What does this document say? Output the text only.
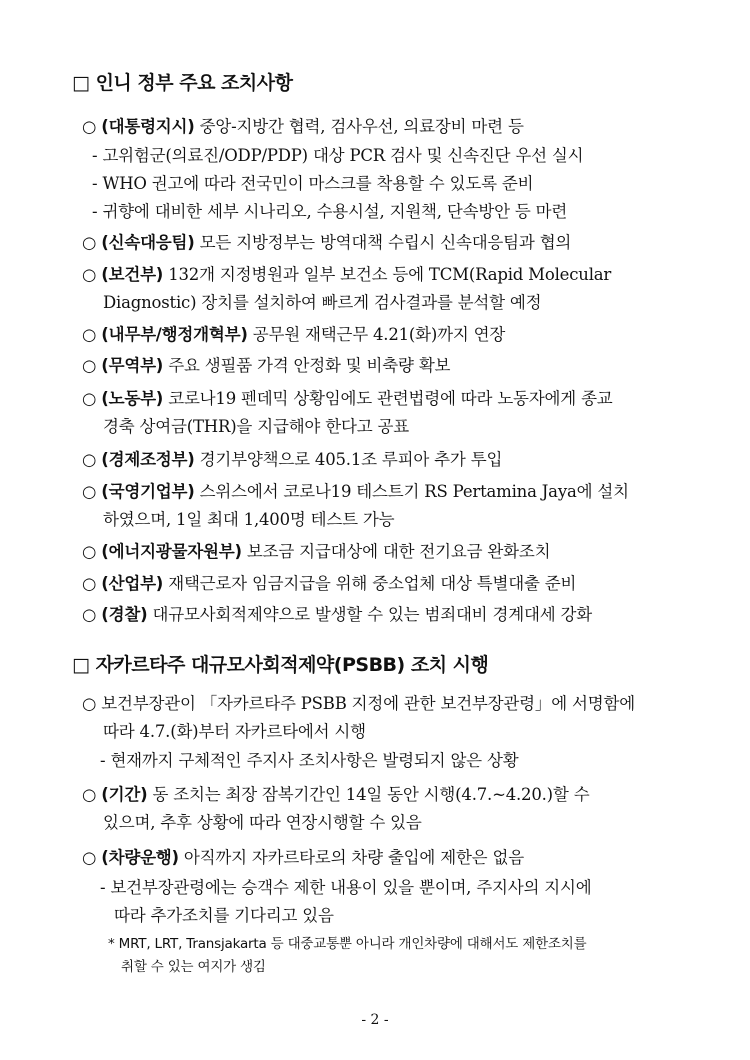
□ 인니 정부 주요 조치사항
○ (대통령지시) 중앙-지방간 협력, 검사우선, 의료장비 마련 등
- 고위험군(의료진/ODP/PDP) 대상 PCR 검사 및 신속진단 우선 실시
- WHO 권고에 따라 전국민이 마스크를 착용할 수 있도록 준비
- 귀향에 대비한 세부 시나리오, 수용시설, 지원책, 단속방안 등 마련
○ (신속대응팀) 모든 지방정부는 방역대책 수립시 신속대응팀과 협의
○ (보건부) 132개 지정병원과 일부 보건소 등에 TCM(Rapid Molecular
Diagnostic) 장치를 설치하여 빠르게 검사결과를 분석할 예정
○ (내무부/행정개혁부) 공무원 재택근무 4.21(화)까지 연장
○ (무역부) 주요 생필품 가격 안정화 및 비축량 확보
○ (노동부) 코로나19 펜데믹 상황임에도 관련법령에 따라 노동자에게 종교
경축 상여금(THR)을 지급해야 한다고 공표
○ (경제조정부) 경기부양책으로 405.1조 루피아 추가 투입
○ (국영기업부) 스위스에서 코로나19 테스트기 RS Pertamina Jaya에 설치
하였으며, 1일 최대 1,400명 테스트 가능
○ (에너지광물자원부) 보조금 지급대상에 대한 전기요금 완화조치
○ (산업부) 재택근로자 임금지급을 위해 중소업체 대상 특별대출 준비
○ (경찰) 대규모사회적제약으로 발생할 수 있는 범죄대비 경계대세 강화
□ 자카르타주 대규모사회적제약(PSBB) 조치 시행
○ 보건부장관이 「자카르타주 PSBB 지정에 관한 보건부장관령」에 서명함에
따라 4.7.(화)부터 자카르타에서 시행
- 현재까지 구체적인 주지사 조치사항은 발령되지 않은 상황
○ (기간) 동 조치는 최장 잠복기간인 14일 동안 시행(4.7.~4.20.)할 수
있으며, 추후 상황에 따라 연장시행할 수 있음
○ (차량운행) 아직까지 자카르타로의 차량 출입에 제한은 없음
- 보건부장관령에는 승객수 제한 내용이 있을 뿐이며, 주지사의 지시에
따라 추가조치를 기다리고 있음
* MRT, LRT, Transjakarta 등 대중교통뿐 아니라 개인차량에 대해서도 제한조치를
취할 수 있는 여지가 생김
- 2 -
